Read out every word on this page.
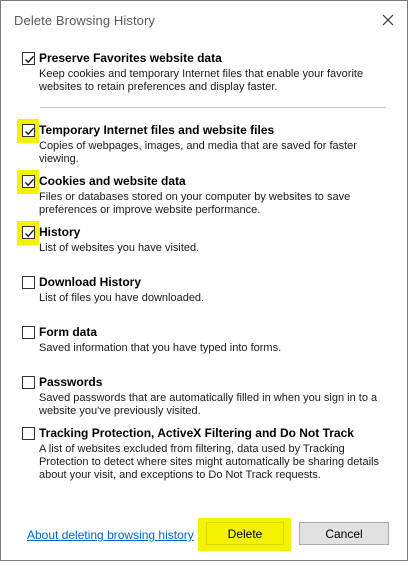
Delete Browsing History
Preserve Favorites website data
Keep cookies and temporary Internet files that enable your favorite websites to retain preferences and display faster.
Temporary Internet files and website files
Copies of webpages, images, and media that are saved for faster viewing.
Cookies and website data
Files or databases stored on your computer by websites to save preferences or improve website performance.
History
List of websites you have visited.
Download History
List of files you have downloaded.
Form data
Saved information that you have typed into forms.
Passwords
Saved passwords that are automatically filled in when you sign in to a website you've previously visited.
Tracking Protection, ActiveX Filtering and Do Not Track
A list of websites excluded from filtering, data used by Tracking Protection to detect where sites might automatically be sharing details about your visit, and exceptions to Do Not Track requests.
About deleting browsing history	Delete	Cancel
